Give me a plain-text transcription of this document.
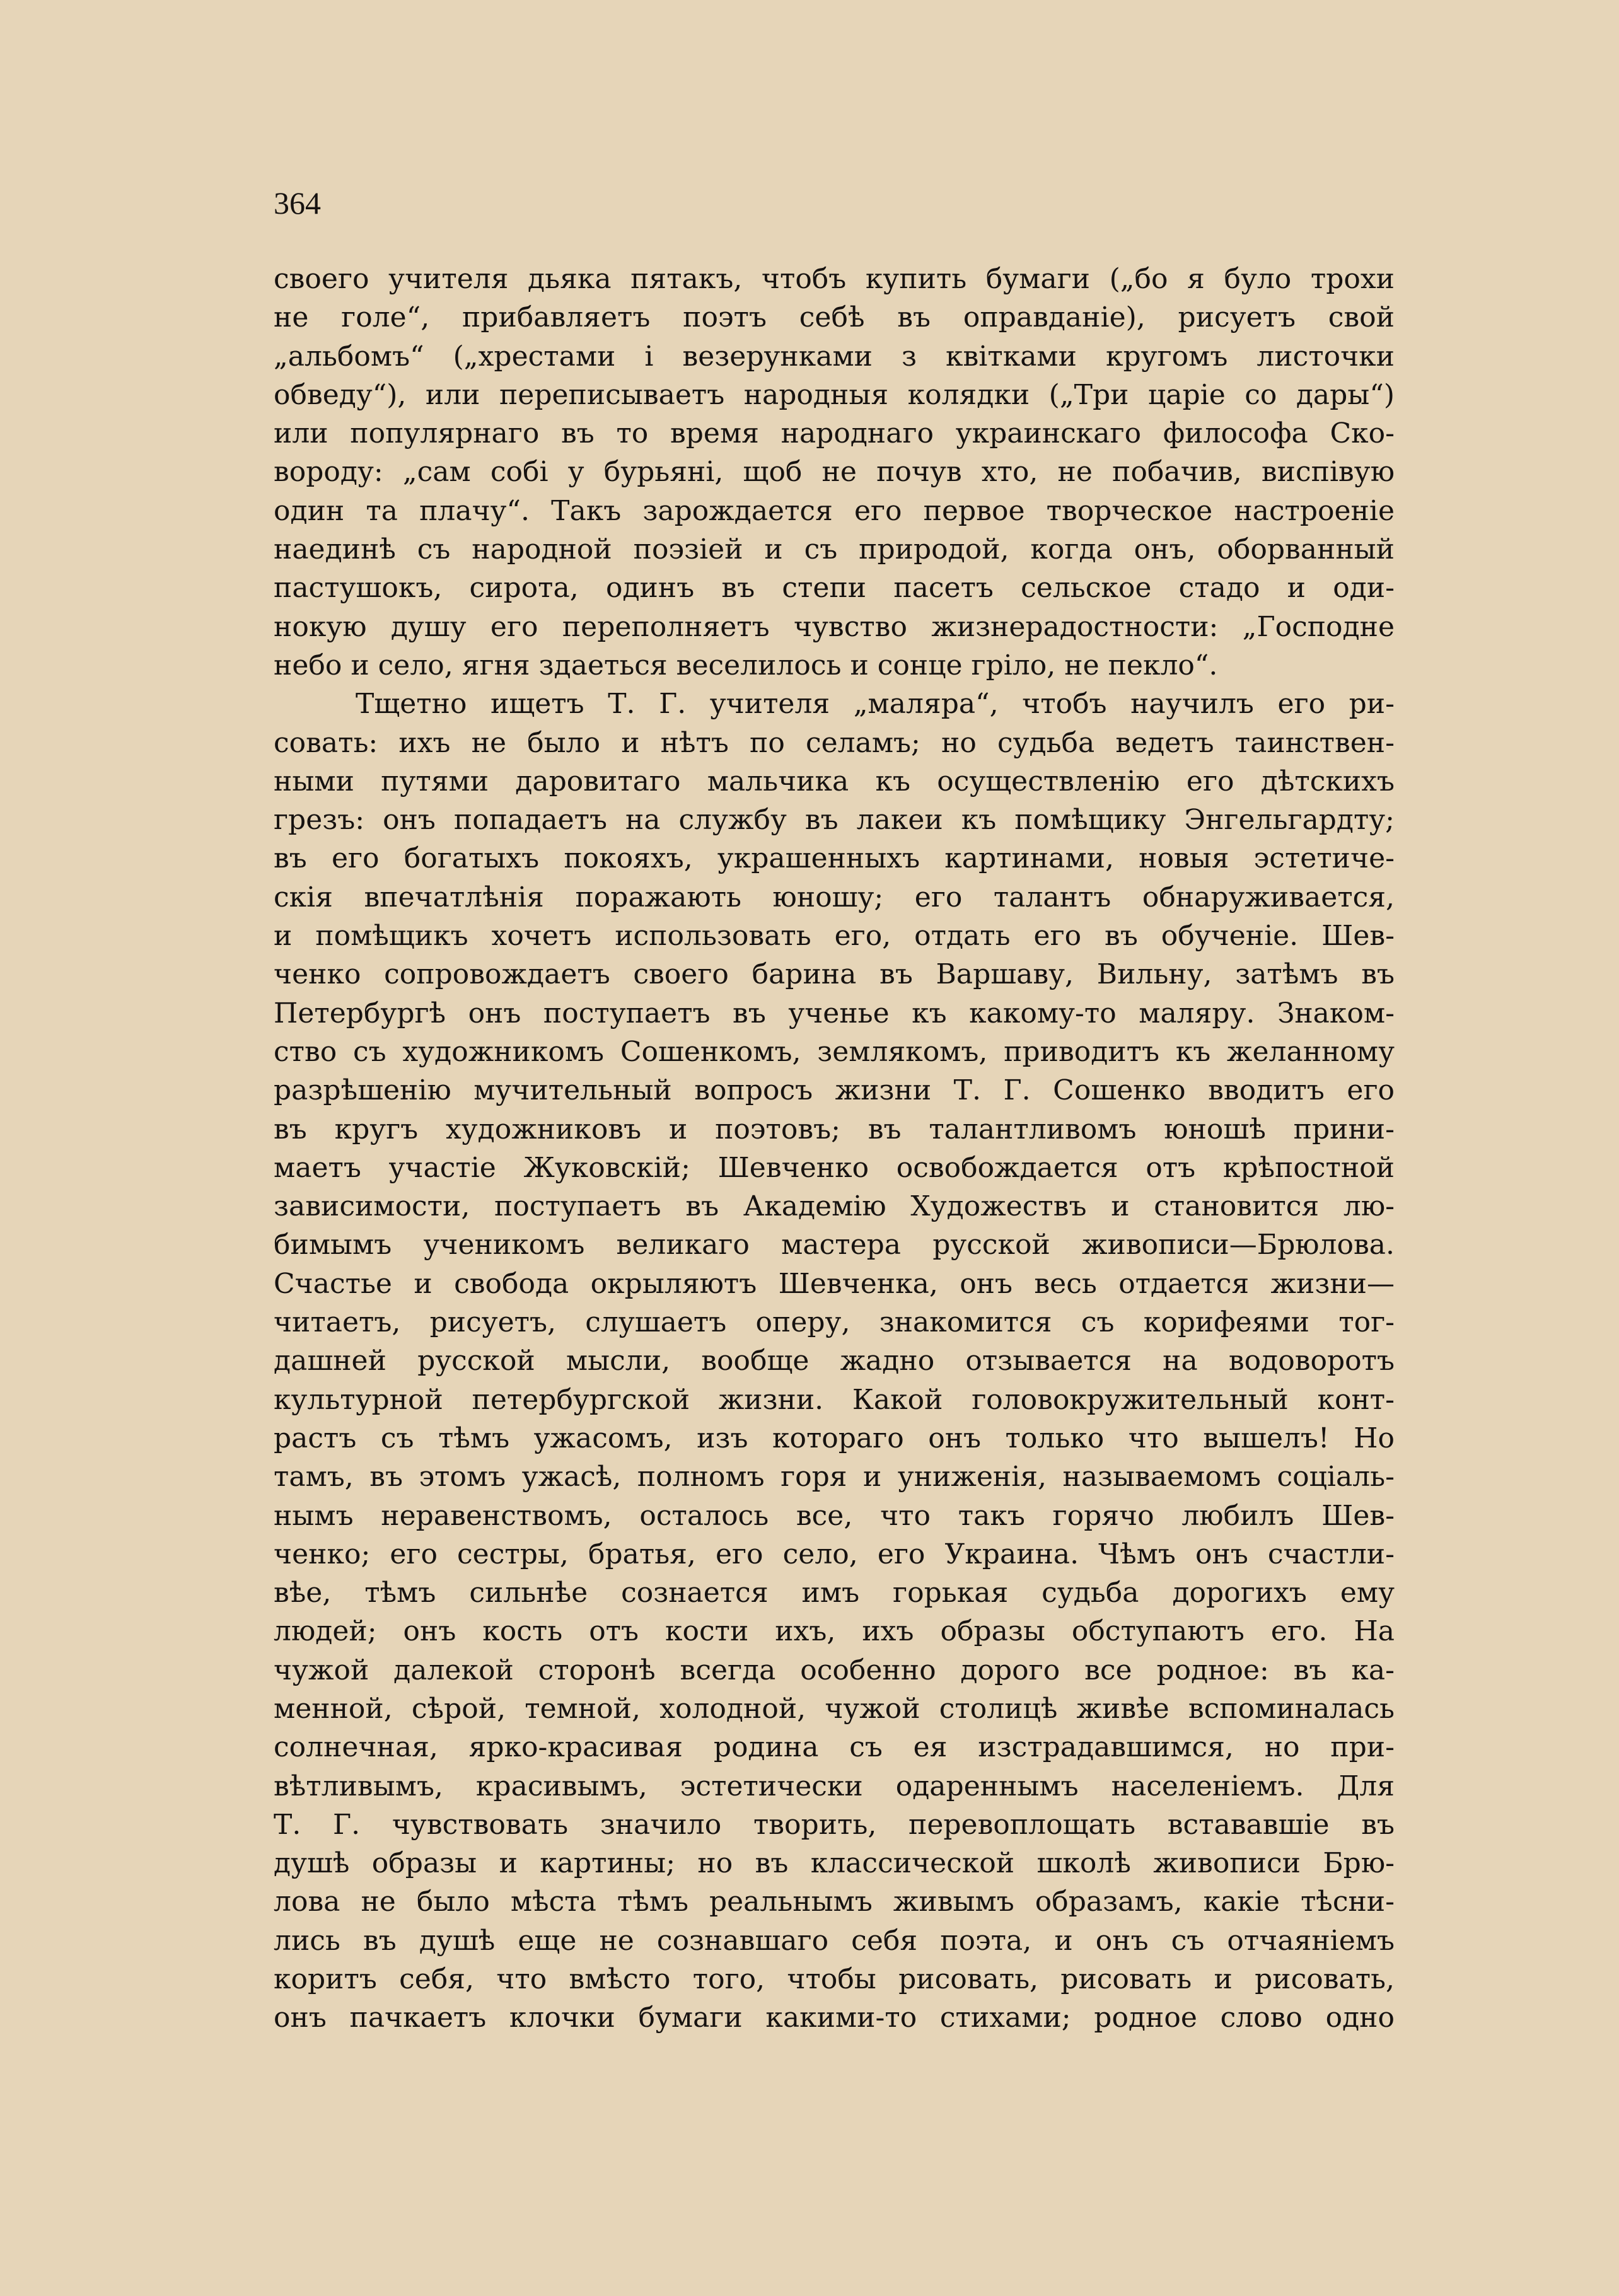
364
своего учителя дьяка пятакъ, чтобъ купить бумаги („бо я було трохи
не голе“, прибавляетъ поэтъ себѣ въ оправданіе), рисуетъ свой
„альбомъ“ („хрестами і везерунками з квітками кругомъ листочки
обведу“), или переписываетъ народныя колядки („Три царіе со дары“)
или популярнаго въ то время народнаго украинскаго философа Ско-
вороду: „сам собі у бурьяні, щоб не почув хто, не побачив, виспівую
один та плачу“. Такъ зарождается его первое творческое настроеніе
наединѣ съ народной поэзіей и съ природой, когда онъ, оборванный
пастушокъ, сирота, одинъ въ степи пасетъ сельское стадо и оди-
нокую душу его переполняетъ чувство жизнерадостности: „Господне
небо и село, ягня здаеться веселилось и сонце гріло, не пекло“.
Тщетно ищетъ Т. Г. учителя „маляра“, чтобъ научилъ его ри-
совать: ихъ не было и нѣтъ по селамъ; но судьба ведетъ таинствен-
ными путями даровитаго мальчика къ осуществленію его дѣтскихъ
грезъ: онъ попадаетъ на службу въ лакеи къ помѣщику Энгельгардту;
въ его богатыхъ покояхъ, украшенныхъ картинами, новыя эстетиче-
скія впечатлѣнія поражають юношу; его талантъ обнаруживается,
и помѣщикъ хочетъ использовать его, отдать его въ обученіе. Шев-
ченко сопровождаетъ своего барина въ Варшаву, Вильну, затѣмъ въ
Петербургѣ онъ поступаетъ въ ученье къ какому-то маляру. Знаком-
ство съ художникомъ Сошенкомъ, землякомъ, приводитъ къ желанному
разрѣшенію мучительный вопросъ жизни Т. Г. Сошенко вводитъ его
въ кругъ художниковъ и поэтовъ; въ талантливомъ юношѣ прини-
маетъ участіе Жуковскій; Шевченко освобождается отъ крѣпостной
зависимости, поступаетъ въ Академію Художествъ и становится лю-
бимымъ ученикомъ великаго мастера русской живописи—Брюлова.
Счастье и свобода окрыляютъ Шевченка, онъ весь отдается жизни—
читаетъ, рисуетъ, слушаетъ оперу, знакомится съ корифеями тог-
дашней русской мысли, вообще жадно отзывается на водоворотъ
культурной петербургской жизни. Какой головокружительный конт-
растъ съ тѣмъ ужасомъ, изъ котораго онъ только что вышелъ! Но
тамъ, въ этомъ ужасѣ, полномъ горя и униженія, называемомъ соціаль-
нымъ неравенствомъ, осталось все, что такъ горячо любилъ Шев-
ченко; его сестры, братья, его село, его Украина. Чѣмъ онъ счастли-
вѣе, тѣмъ сильнѣе сознается имъ горькая судьба дорогихъ ему
людей; онъ кость отъ кости ихъ, ихъ образы обступаютъ его. На
чужой далекой сторонѣ всегда особенно дорого все родное: въ ка-
менной, сѣрой, темной, холодной, чужой столицѣ живѣе вспоминалась
солнечная, ярко-красивая родина съ ея изстрадавшимся, но при-
вѣтливымъ, красивымъ, эстетически одареннымъ населеніемъ. Для
Т. Г. чувствовать значило творить, перевоплощать встававшіе въ
душѣ образы и картины; но въ классической школѣ живописи Брю-
лова не было мѣста тѣмъ реальнымъ живымъ образамъ, какіе тѣсни-
лись въ душѣ еще не сознавшаго себя поэта, и онъ съ отчаяніемъ
коритъ себя, что вмѣсто того, чтобы рисовать, рисовать и рисовать,
онъ пачкаетъ клочки бумаги какими-то стихами; родное слово одно
